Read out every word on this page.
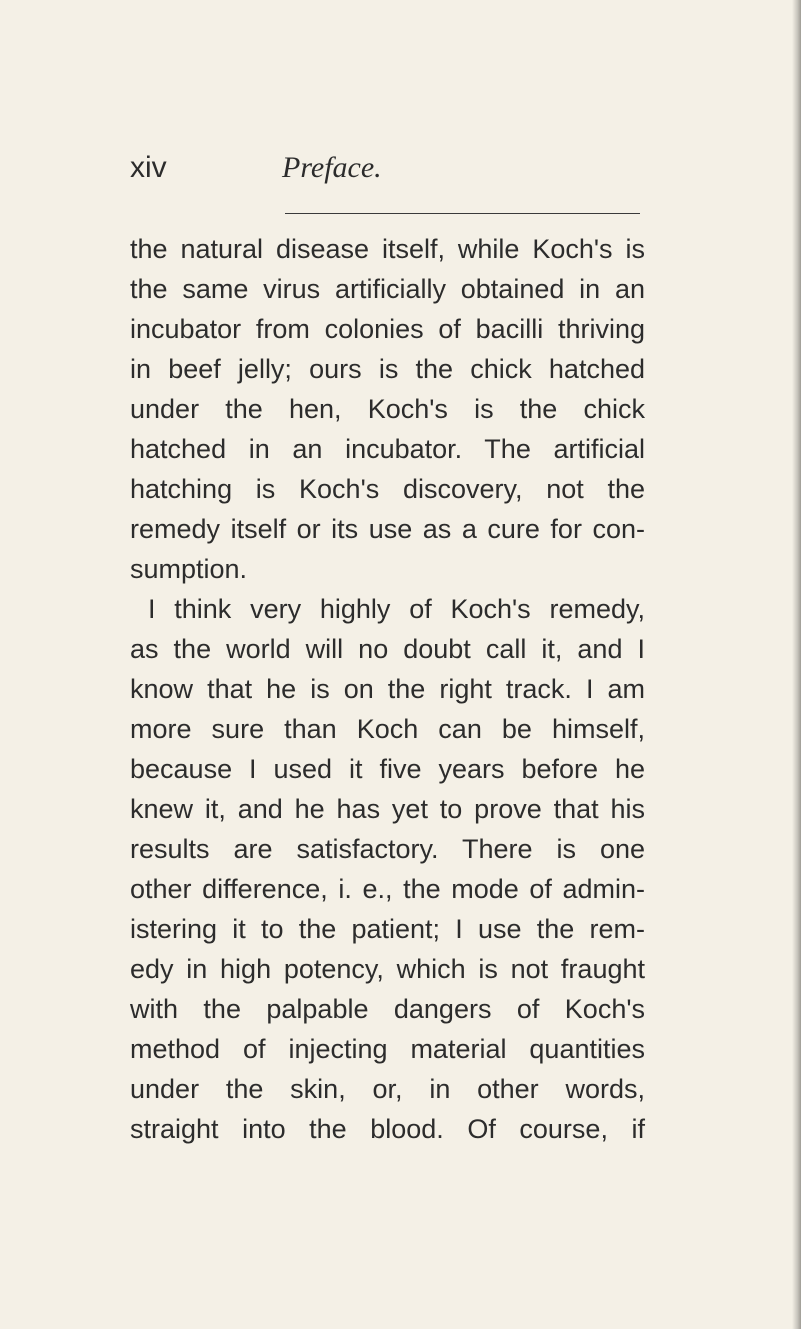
xiv	Preface.
the natural disease itself, while Koch's is
the same virus artificially obtained in an
incubator from colonies of bacilli thriving
in beef jelly; ours is the chick hatched
under the hen, Koch's is the chick
hatched in an incubator. The artificial
hatching is Koch's discovery, not the
remedy itself or its use as a cure for con-
sumption.
I think very highly of Koch's remedy,
as the world will no doubt call it, and I
know that he is on the right track. I am
more sure than Koch can be himself,
because I used it five years before he
knew it, and he has yet to prove that his
results are satisfactory. There is one
other difference, i. e., the mode of admin-
istering it to the patient; I use the rem-
edy in high potency, which is not fraught
with the palpable dangers of Koch's
method of injecting material quantities
under the skin, or, in other words,
straight into the blood. Of course, if
